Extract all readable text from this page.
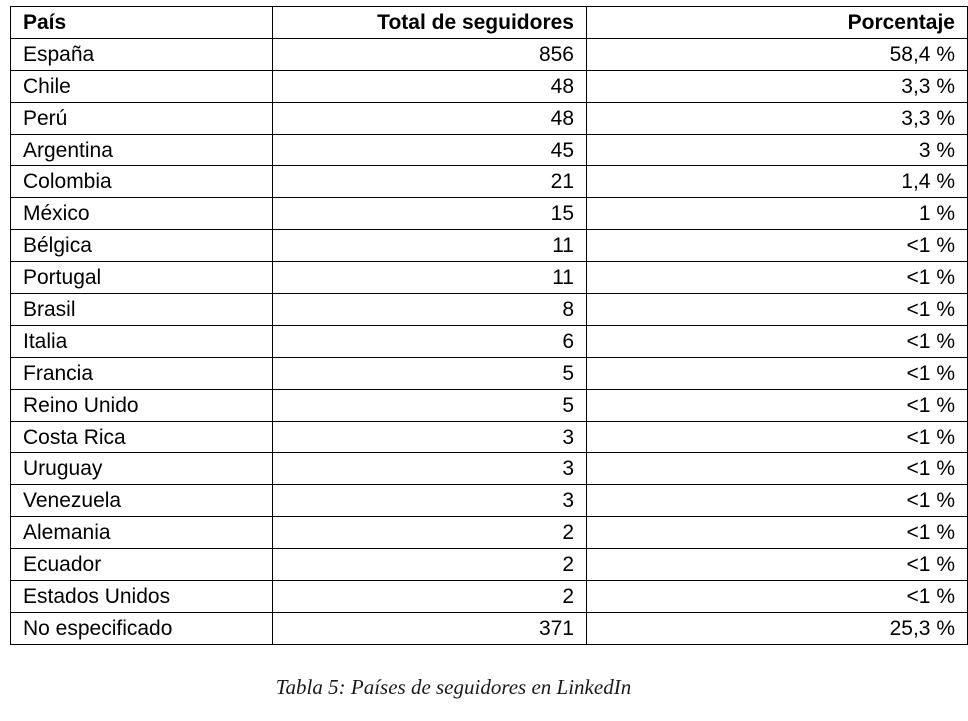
País	Total de seguidores	Porcentaje
España	856	58,4 %
Chile	48	3,3 %
Perú	48	3,3 %
Argentina	45	3 %
Colombia	21	1,4 %
México	15	1 %
Bélgica	11	<1 %
Portugal	11	<1 %
Brasil	8	<1 %
Italia	6	<1 %
Francia	5	<1 %
Reino Unido	5	<1 %
Costa Rica	3	<1 %
Uruguay	3	<1 %
Venezuela	3	<1 %
Alemania	2	<1 %
Ecuador	2	<1 %
Estados Unidos	2	<1 %
No especificado	371	25,3 %
Tabla 5: Países de seguidores en LinkedIn
